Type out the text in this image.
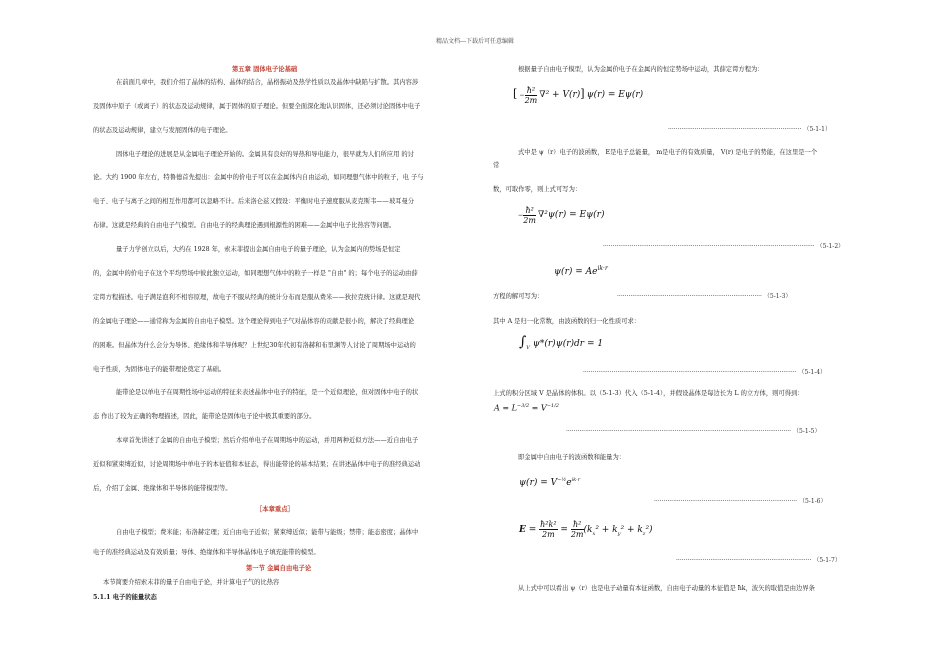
精品文档---下载后可任意编辑
第五章 固体电子论基础
在前面几章中，我们介绍了晶体的结构、晶体的结合，晶格振动及热学性质以及晶体中缺陷与扩散。其内容涉
及固体中原子（或离子）的状态及运动规律，属于固体的原子理论。但要全面深化地认识固体，还必须讨论固体中电子
的状态及运动规律，建立与发展固体的电子理论。
固体电子理论的进展是从金属电子理论开始的。金属具有良好的导热和导电能力，很早就为人们所应用 的讨
论。大约 1900 年左右，特鲁德首先提出：金属中的价电子可以在金属体内自由运动，如同理想气体中的粒子，电 子与
电子、电子与离子之间的相互作用都可以忽略不计。后来洛仑兹又假设：平衡时电子速度服从麦克斯韦——玻耳曼分
布律。这就是经典的自由电子气模型。自由电子的经典理论遇到根源性的困难——金属中电子比热容等问题。
量子力学创立以后，大约在 1928 年，索末菲提出金属自由电子的量子理论，认为金属内的势场是恒定
的，金属中的价电子在这个平均势场中彼此独立运动，如同理想气体中的粒子一样是 "自由" 的；每个电子的运动由薛
定谔方程描述。电子满足泡利不相容原理，故电子不服从经典的统计分布而是服从费米——狄拉克统计律。这就是现代
的金属电子理论——通常称为金属的自由电子模型。这个理论得到电子气对晶体容的贡献是很小的，解决了经典理论
的困难。但晶体为什么会分为导体、绝缘体和半导体呢？上世纪30年代初有洛赫和布里渊等人讨论了周期场中运动的
电子性质，为固体电子的能带理论奠定了基础。
能带论是以单电子在周期性场中运动的特征来表述晶体中电子的特征，是一个近似理论，但对固体中电子的状
态 作出了较为正确的物理描述，因此，能带论是固体电子论中极其重要的部分。
本章首先讲述了金属的自由电子模型；然后介绍单电子在周期场中的运动，并用两种近似方法——近自由电子
近似和紧束缚近似，讨论周期场中单电子的本征值和本征态，得出能带论的基本结果；在讲述晶体中电子的准经典运动
后，介绍了金属、绝缘体和半导体的能带模型等。
［本章重点］
自由电子模型；费米能；布洛赫定理；近自由电子近似；紧束缚近似；能带与能级；禁带；能态密度；晶体中
电子的准经典运动及有效质量；导体、绝缘体和半导体晶体电子填充能带的模型。
第一节 金属自由电子论
本节简要介绍索末菲的量子自由电子论，并计算电子气的比热容
5.1.1 电子的能量状态
根据量子自由电子模型，认为金属价电子在金属内的恒定势场中运动，其薛定谔方程为：
[ − $\frac{\text{ħ²}}{2m} \nabla^2 + V(r)$] ψ(r) = Eψ(r)
······································································ （5-1-1）
式中是 ψ（r）电子的波函数， E是电子总能量， m是电子的有效质量， V(r) 是电子的势能，在这里是一个
常
数，可取作零，则上式可写为：
− $\frac{\text{ħ²}}{2m} \nabla^2\psi(r) = E\psi(r)$
··············································································································· （5-1-2）
$\psi(r) = Ae^{ik\cdot r}$
方程的解可写为：	············································································ （5-1-3）
其中 A 是归一化常数，由波函数的归一化性质可求：
$\int_V$ ψ*(r)ψ(r)dr = 1
················································································································ （5-1-4）
上式的积分区域 V 是晶体的体积。以（5-1-3）代入（5-1-4），并假设晶体是每边长为 L 的立方体，则可得到：
$A = L^{-3/2} = V^{-1/2}$
······················································································································ （5-1-5）
即金属中自由电子的波函数和能量为：
$\psi(r) = V^{-\frac{1}{2}}e^{ik\cdot r}$
··········································································· （5-1-6）
$E = \frac{\text{ħ²k²}}{2m} = \frac{\text{ħ²}}{2m} (k_x^2 + k_y^2 + k_z^2)$
······································································· （5-1-7）
从上式中可以看出 ψ（r）也是电子动量有本征函数，自由电子动量的本征值是 ħk，波矢的取值是由边界条
